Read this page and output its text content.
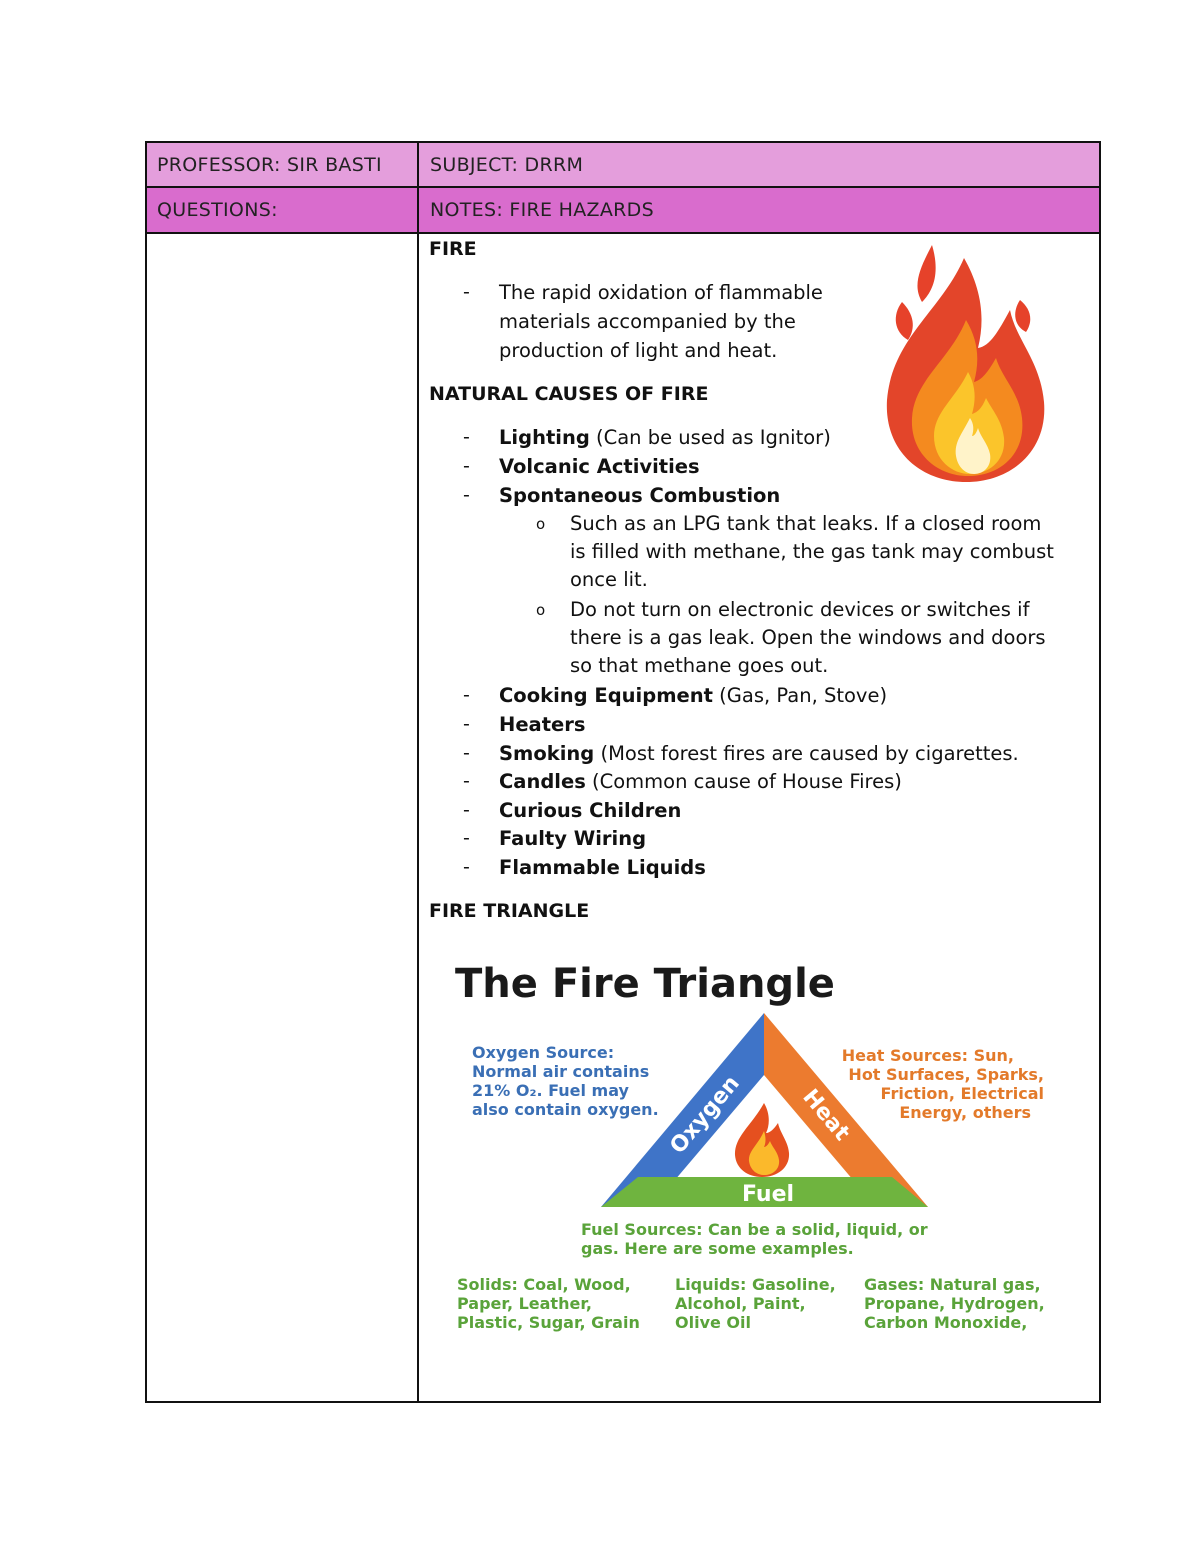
PROFESSOR: SIR BASTI	SUBJECT: DRRM
QUESTIONS:	NOTES: FIRE HAZARDS
FIRE
- The rapid oxidation of flammable
materials accompanied by the
production of light and heat.
NATURAL CAUSES OF FIRE
- Lighting (Can be used as Ignitor)
- Volcanic Activities
- Spontaneous Combustion
o Such as an LPG tank that leaks. If a closed room
is filled with methane, the gas tank may combust
once lit.
o Do not turn on electronic devices or switches if
there is a gas leak. Open the windows and doors
so that methane goes out.
- Cooking Equipment (Gas, Pan, Stove)
- Heaters
- Smoking (Most forest fires are caused by cigarettes.
- Candles (Common cause of House Fires)
- Curious Children
- Faulty Wiring
- Flammable Liquids
FIRE TRIANGLE
The Fire Triangle
Oxygen Heat
Fuel
Oxygen Source:
Normal air contains
21% O₂. Fuel may
also contain oxygen.
Heat Sources: Sun,
Hot Surfaces, Sparks,
Friction, Electrical
Energy, others
Fuel Sources: Can be a solid, liquid, or
gas. Here are some examples.
Solids: Coal, Wood,
Paper, Leather,
Plastic, Sugar, Grain
Liquids: Gasoline,
Alcohol, Paint,
Olive Oil
Gases: Natural gas,
Propane, Hydrogen,
Carbon Monoxide,
